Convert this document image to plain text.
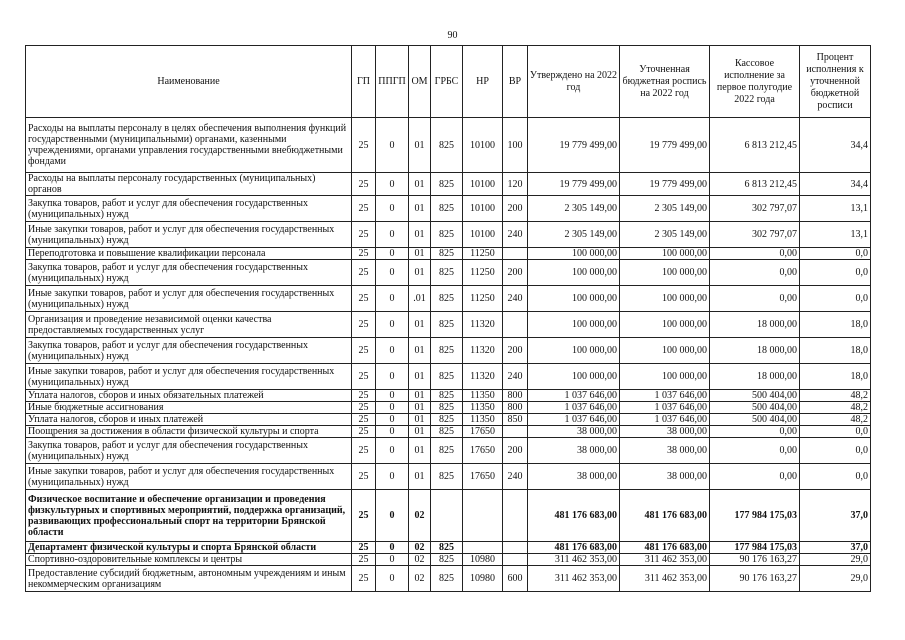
90
Наименование	ГП	ППГП	ОМ	ГРБС	НР	ВР	Утверждено на 2022 год	Уточненная бюджетная роспись на 2022 год	Кассовое исполнение за первое полугодие 2022 года	Процент исполнения к уточненной бюджетной росписи
Расходы на выплаты персоналу в целях обеспечения выполнения функций государственными (муниципальными) органами, казенными учреждениями, органами управления государственными внебюджетными фондами	25	0	01	825	10100	100	19 779 499,00	19 779 499,00	6 813 212,45	34,4
Расходы на выплаты персоналу государственных (муниципальных) органов	25	0	01	825	10100	120	19 779 499,00	19 779 499,00	6 813 212,45	34,4
Закупка товаров, работ и услуг для обеспечения государственных (муниципальных) нужд	25	0	01	825	10100	200	2 305 149,00	2 305 149,00	302 797,07	13,1
Иные закупки товаров, работ и услуг для обеспечения государственных (муниципальных) нужд	25	0	01	825	10100	240	2 305 149,00	2 305 149,00	302 797,07	13,1
Переподготовка и повышение квалификации персонала	25	0	01	825	11250		100 000,00	100 000,00	0,00	0,0
Закупка товаров, работ и услуг для обеспечения государственных (муниципальных) нужд	25	0	01	825	11250	200	100 000,00	100 000,00	0,00	0,0
Иные закупки товаров, работ и услуг для обеспечения государственных (муниципальных) нужд	25	0	.01	825	11250	240	100 000,00	100 000,00	0,00	0,0
Организация и проведение независимой оценки качества предоставляемых государственных услуг	25	0	01	825	11320		100 000,00	100 000,00	18 000,00	18,0
Закупка товаров, работ и услуг для обеспечения государственных (муниципальных) нужд	25	0	01	825	11320	200	100 000,00	100 000,00	18 000,00	18,0
Иные закупки товаров, работ и услуг для обеспечения государственных (муниципальных) нужд	25	0	01	825	11320	240	100 000,00	100 000,00	18 000,00	18,0
Уплата налогов, сборов и иных обязательных платежей	25	0	01	825	11350	800	1 037 646,00	1 037 646,00	500 404,00	48,2
Иные бюджетные ассигнования	25	0	01	825	11350	800	1 037 646,00	1 037 646,00	500 404,00	48,2
Уплата налогов, сборов и иных платежей	25	0	01	825	11350	850	1 037 646,00	1 037 646,00	500 404,00	48,2
Поощрения за достижения в области физической культуры и спорта	25	0	01	825	17650		38 000,00	38 000,00	0,00	0,0
Закупка товаров, работ и услуг для обеспечения государственных (муниципальных) нужд	25	0	01	825	17650	200	38 000,00	38 000,00	0,00	0,0
Иные закупки товаров, работ и услуг для обеспечения государственных (муниципальных) нужд	25	0	01	825	17650	240	38 000,00	38 000,00	0,00	0,0
Физическое воспитание и обеспечение организации и проведения физкультурных и спортивных мероприятий, поддержка организаций, развивающих профессиональный спорт на территории Брянской области	25	0	02				481 176 683,00	481 176 683,00	177 984 175,03	37,0
Департамент физической культуры и спорта Брянской области	25	0	02	825			481 176 683,00	481 176 683,00	177 984 175,03	37,0
Спортивно-оздоровительные комплексы и центры	25	0	02	825	10980		311 462 353,00	311 462 353,00	90 176 163,27	29,0
Предоставление субсидий бюджетным, автономным учреждениям и иным некоммерческим организациям	25	0	02	825	10980	600	311 462 353,00	311 462 353,00	90 176 163,27	29,0
